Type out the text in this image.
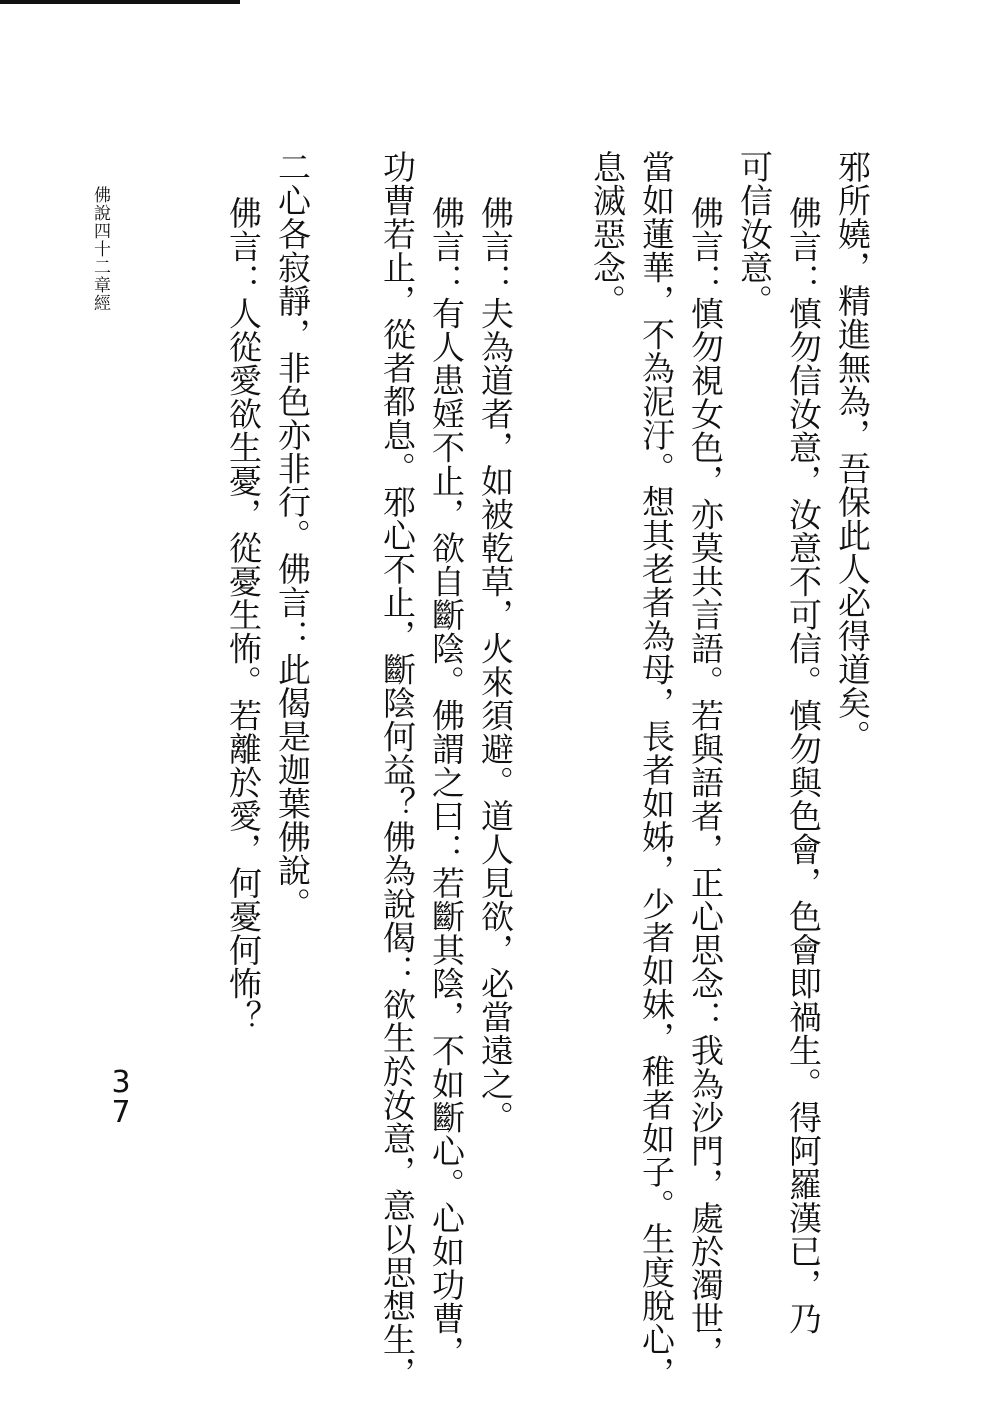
邪所嬈，精進無為，吾保此人必得道矣。
佛言：慎勿信汝意，汝意不可信。慎勿與色會，色會即禍生。得阿羅漢已，乃
可信汝意。
佛言：慎勿視女色，亦莫共言語。若與語者，正心思念：我為沙門，處於濁世，
當如蓮華，不為泥汙。想其老者為母，長者如姊，少者如妹，稚者如子。生度脫心，
息滅惡念。
佛言：夫為道者，如被乾草，火來須避。道人見欲，必當遠之。
佛言：有人患婬不止，欲自斷陰。佛謂之曰：若斷其陰，不如斷心。心如功曹，
功曹若止，從者都息。邪心不止，斷陰何益？佛為說偈：欲生於汝意，意以思想生，
二心各寂靜，非色亦非行。佛言：此偈是迦葉佛說。
佛言：人從愛欲生憂，從憂生怖。若離於愛，何憂何怖？
佛說四十二章經
37
